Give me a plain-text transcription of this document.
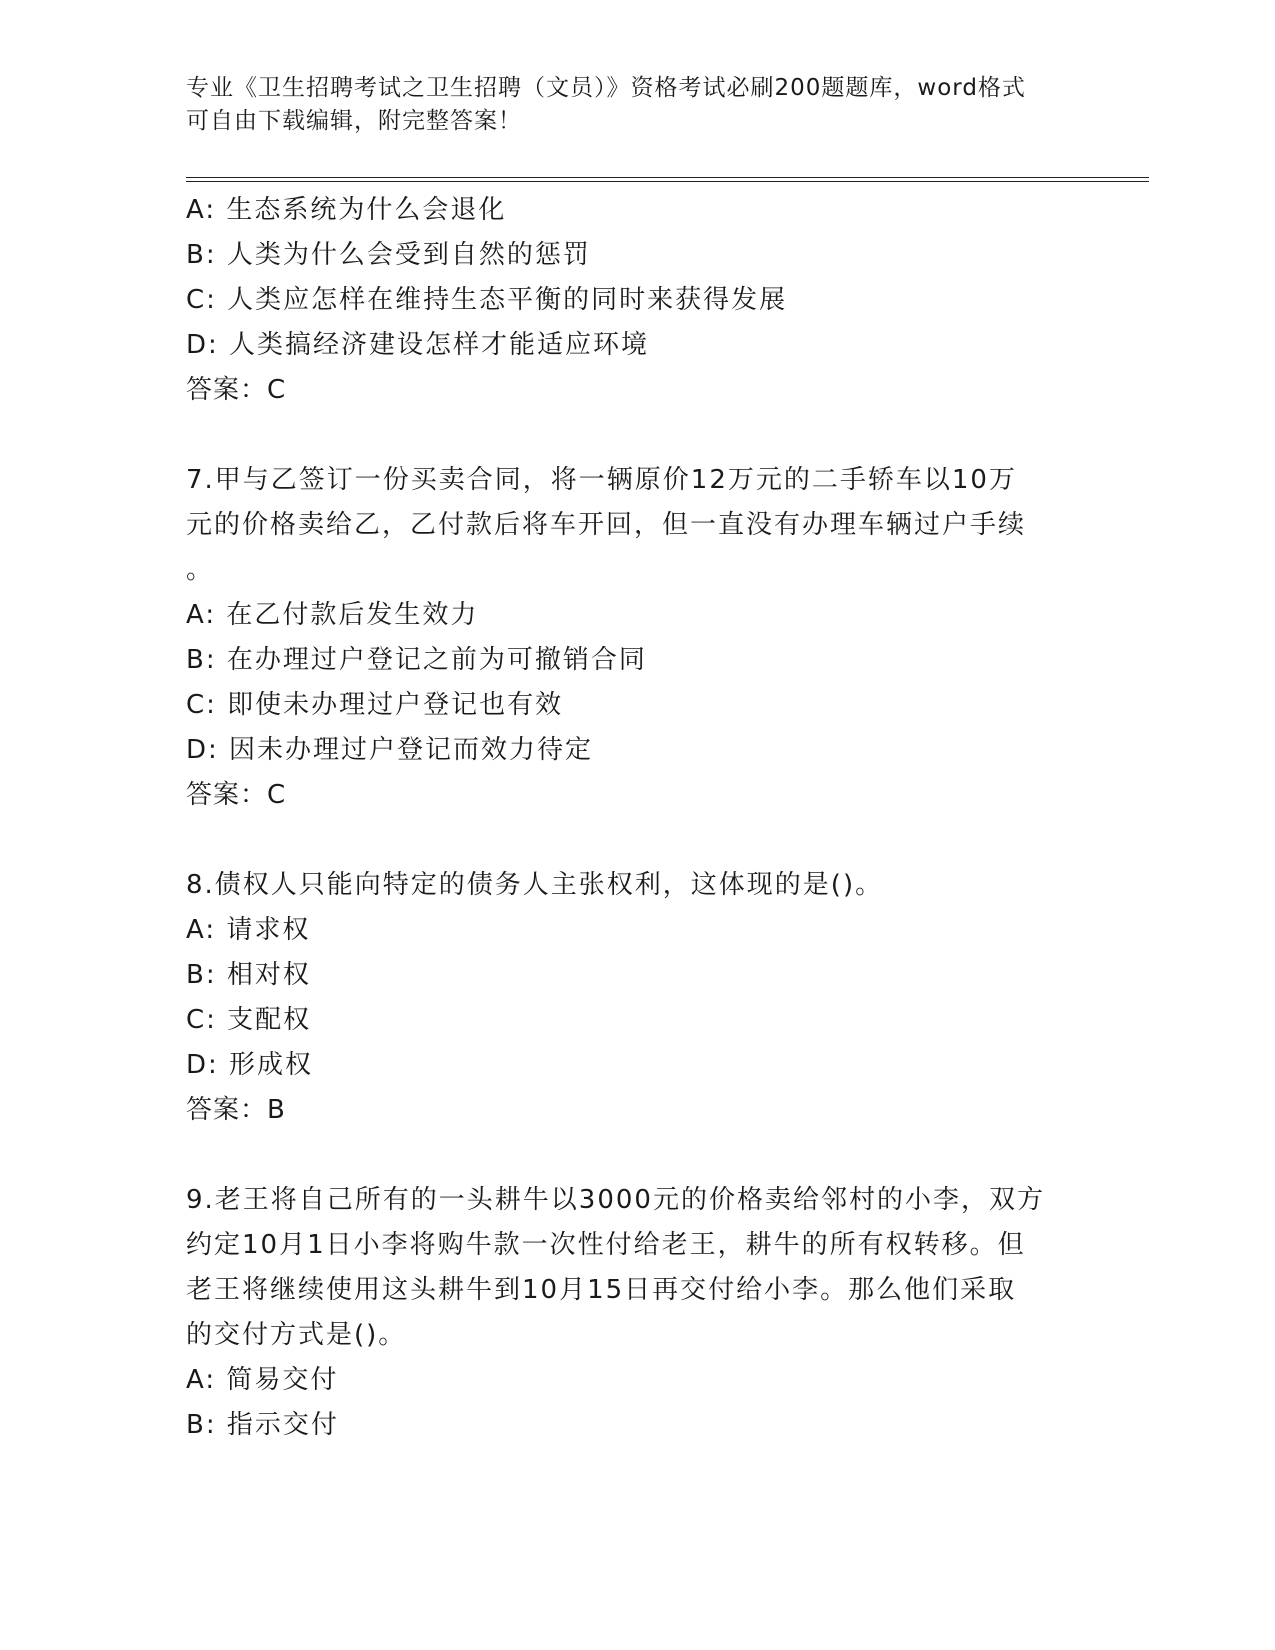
专业《卫生招聘考试之卫生招聘（文员）》资格考试必刷200题题库，word格式
可自由下载编辑，附完整答案！
A: 生态系统为什么会退化
B: 人类为什么会受到自然的惩罚
C: 人类应怎样在维持生态平衡的同时来获得发展
D: 人类搞经济建设怎样才能适应环境
答案：C
7.甲与乙签订一份买卖合同，将一辆原价12万元的二手轿车以10万
元的价格卖给乙，乙付款后将车开回，但一直没有办理车辆过户手续
。
A: 在乙付款后发生效力
B: 在办理过户登记之前为可撤销合同
C: 即使未办理过户登记也有效
D: 因未办理过户登记而效力待定
答案：C
8.债权人只能向特定的债务人主张权利，这体现的是()。
A: 请求权
B: 相对权
C: 支配权
D: 形成权
答案：B
9.老王将自己所有的一头耕牛以3000元的价格卖给邻村的小李，双方
约定10月1日小李将购牛款一次性付给老王，耕牛的所有权转移。但
老王将继续使用这头耕牛到10月15日再交付给小李。那么他们采取
的交付方式是()。
A: 简易交付
B: 指示交付
